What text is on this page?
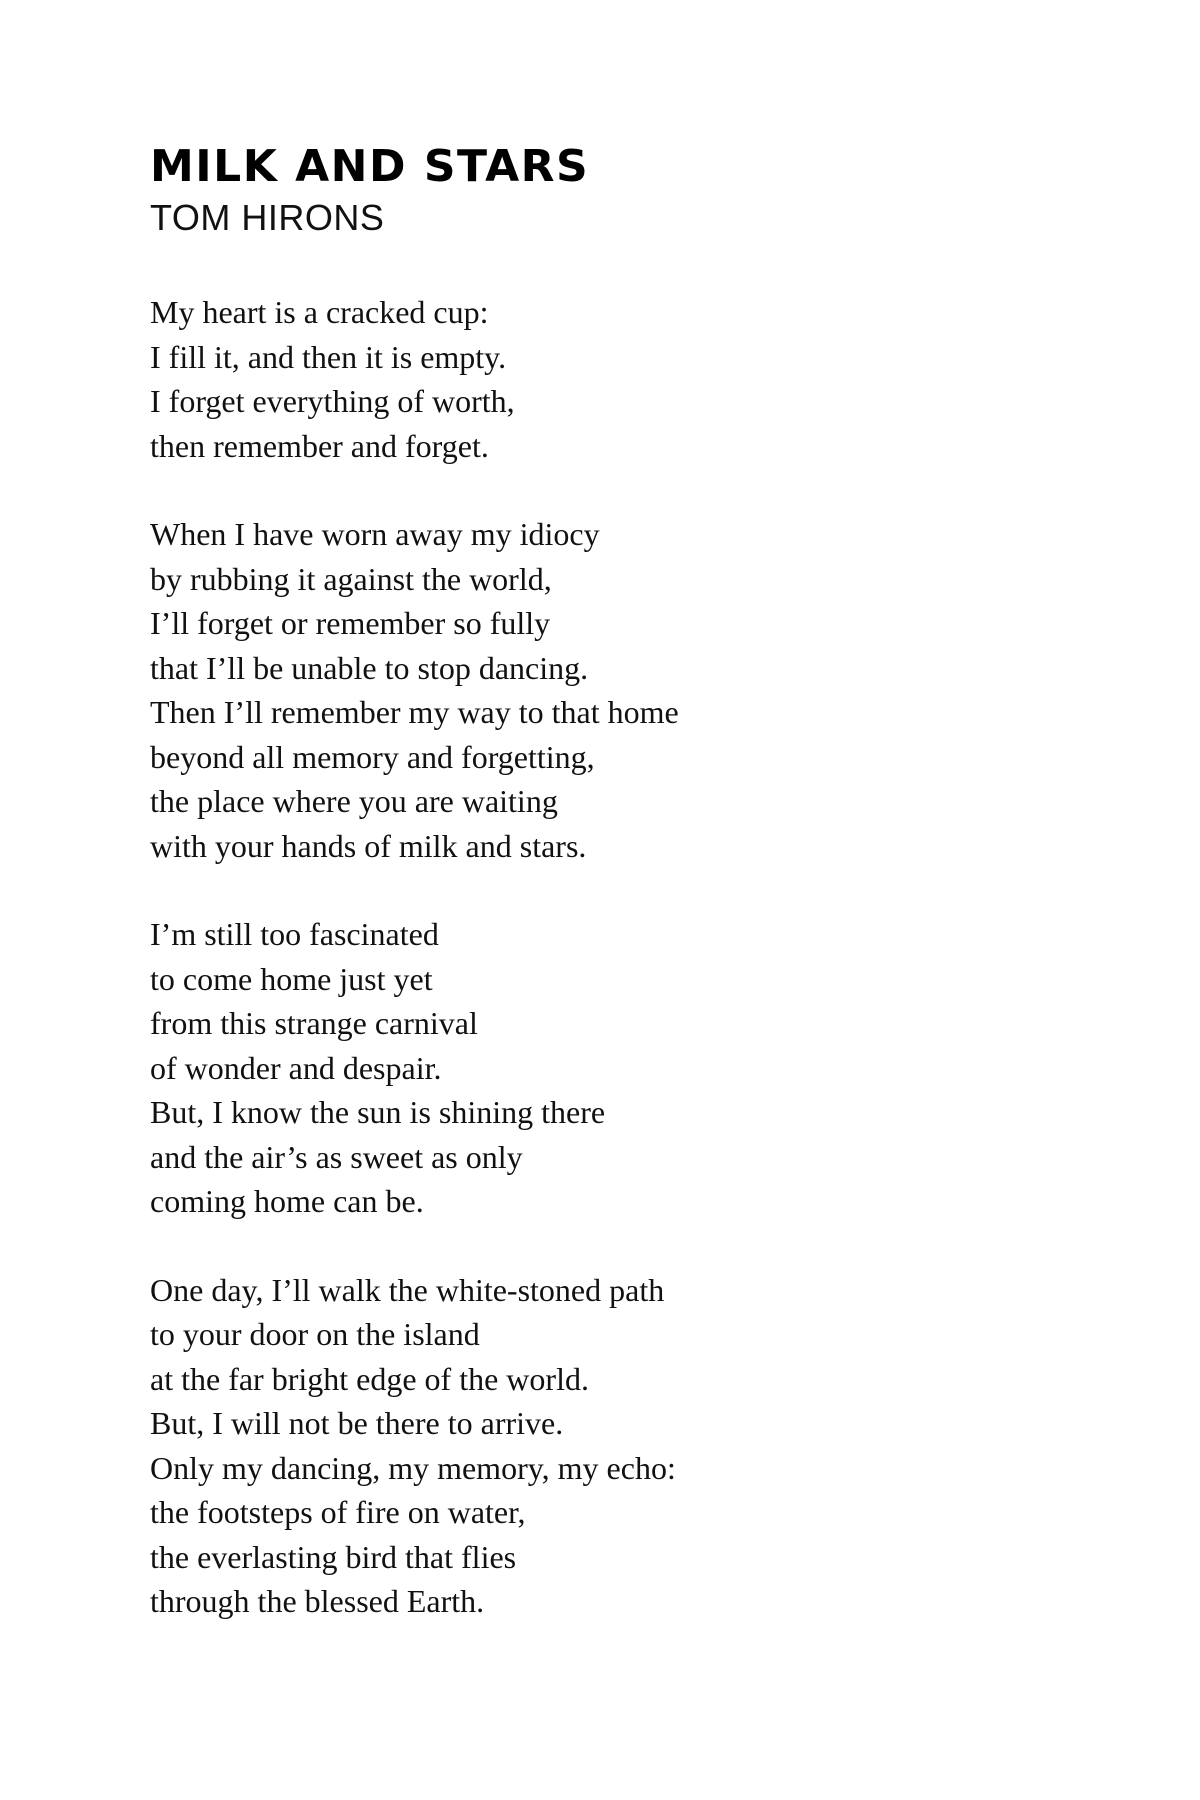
MILK AND STARS
TOM HIRONS
My heart is a cracked cup:
I fill it, and then it is empty.
I forget everything of worth,
then remember and forget.
When I have worn away my idiocy
by rubbing it against the world,
I’ll forget or remember so fully
that I’ll be unable to stop dancing.
Then I’ll remember my way to that home
beyond all memory and forgetting,
the place where you are waiting
with your hands of milk and stars.
I’m still too fascinated
to come home just yet
from this strange carnival
of wonder and despair.
But, I know the sun is shining there
and the air’s as sweet as only
coming home can be.
One day, I’ll walk the white-stoned path
to your door on the island
at the far bright edge of the world.
But, I will not be there to arrive.
Only my dancing, my memory, my echo:
the footsteps of fire on water,
the everlasting bird that flies
through the blessed Earth.
